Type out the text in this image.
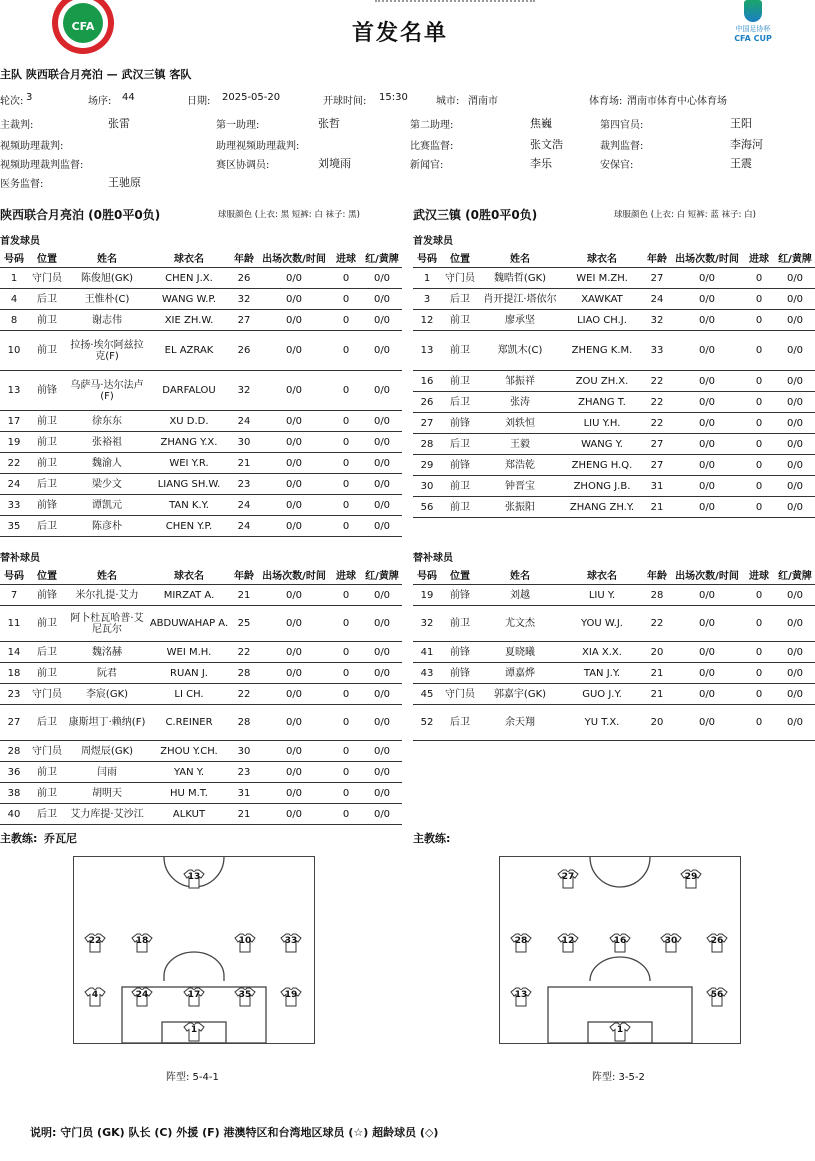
CFA	首发名单	中国足协杯
CFA CUP
主队 陕西联合月亮泊 — 武汉三镇 客队
轮次: 3	场序: 44	日期: 2025-05-20	开球时间: 15:30	城市: 渭南市	体育场: 渭南市体育中心体育场
主裁判:	张雷	第一助理:	张哲	第二助理:	焦巍	第四官员:	王阳
视频助理裁判:	助理视频助理裁判:	比赛监督:	张文浩	裁判监督:	李海河
视频助理裁判监督:	赛区协调员:	刘境雨	新闻官:	李乐	安保官:	王震
医务监督:	王驰原
陕西联合月亮泊 (0胜0平0负)	球服颜色 (上衣: 黑 短裤: 白 袜子: 黑)	武汉三镇 (0胜0平0负)	球服颜色 (上衣: 白 短裤: 蓝 袜子: 白)
首发球员	首发球员
号码	位置	姓名	球衣名	年龄	出场次数/时间	进球	红/黄牌
1	守门员	陈俊旭(GK)	CHEN J.X.	26	0/0	0	0/0
4	后卫	王惟朴(C)	WANG W.P.	32	0/0	0	0/0
8	前卫	谢志伟	XIE ZH.W.	27	0/0	0	0/0
10	前卫	拉扬·埃尔阿兹拉克(F)	EL AZRAK	26	0/0	0	0/0
13	前锋	乌萨马·达尔法卢(F)	DARFALOU	32	0/0	0	0/0
17	前卫	徐东东	XU D.D.	24	0/0	0	0/0
19	前卫	张裕祖	ZHANG Y.X.	30	0/0	0	0/0
22	前卫	魏渝人	WEI Y.R.	21	0/0	0	0/0
24	后卫	梁少文	LIANG SH.W.	23	0/0	0	0/0
33	前锋	谭凯元	TAN K.Y.	24	0/0	0	0/0
35	后卫	陈彦朴	CHEN Y.P.	24	0/0	0	0/0
号码	位置	姓名	球衣名	年龄	出场次数/时间	进球	红/黄牌
1	守门员	魏晧哲(GK)	WEI M.ZH.	27	0/0	0	0/0
3	后卫	肖开提江·塔依尔	XAWKAT	24	0/0	0	0/0
12	前卫	廖承坚	LIAO CH.J.	32	0/0	0	0/0
13	前卫	郑凯木(C)	ZHENG K.M.	33	0/0	0	0/0
16	前卫	邹振祥	ZOU ZH.X.	22	0/0	0	0/0
26	后卫	张涛	ZHANG T.	22	0/0	0	0/0
27	前锋	刘轶恒	LIU Y.H.	22	0/0	0	0/0
28	后卫	王毅	WANG Y.	27	0/0	0	0/0
29	前锋	郑浩乾	ZHENG H.Q.	27	0/0	0	0/0
30	前卫	钟晋宝	ZHONG J.B.	31	0/0	0	0/0
56	前卫	张振阳	ZHANG ZH.Y.	21	0/0	0	0/0
替补球员	替补球员
号码	位置	姓名	球衣名	年龄	出场次数/时间	进球	红/黄牌
7	前锋	米尔扎提·艾力	MIRZAT A.	21	0/0	0	0/0
11	前卫	阿卜杜瓦哈普·艾尼瓦尔	ABDUWAHAP A.	25	0/0	0	0/0
14	后卫	魏洺赫	WEI M.H.	22	0/0	0	0/0
18	前卫	阮君	RUAN J.	28	0/0	0	0/0
23	守门员	李宸(GK)	LI CH.	22	0/0	0	0/0
27	后卫	康斯坦丁·赖纳(F)	C.REINER	28	0/0	0	0/0
28	守门员	周煜辰(GK)	ZHOU Y.CH.	30	0/0	0	0/0
36	前卫	闫雨	YAN Y.	23	0/0	0	0/0
38	前卫	胡明天	HU M.T.	31	0/0	0	0/0
40	后卫	艾力库提·艾沙江	ALKUT	21	0/0	0	0/0
号码	位置	姓名	球衣名	年龄	出场次数/时间	进球	红/黄牌
19	前锋	刘越	LIU Y.	28	0/0	0	0/0
32	前卫	尤文杰	YOU W.J.	22	0/0	0	0/0
41	前锋	夏晓曦	XIA X.X.	20	0/0	0	0/0
43	前锋	谭嘉烨	TAN J.Y.	21	0/0	0	0/0
45	守门员	郭嘉宇(GK)	GUO J.Y.	21	0/0	0	0/0
52	后卫	余天翔	YU T.X.	20	0/0	0	0/0
主教练: 乔瓦尼	主教练:
13
22	18	10	33
4	24	17	35	19
1
27	29
28	12	16	30	26
13	56
1
阵型: 5-4-1	阵型: 3-5-2
说明: 守门员 (GK) 队长 (C) 外援 (F) 港澳特区和台湾地区球员 (☆) 超龄球员 (◇)
